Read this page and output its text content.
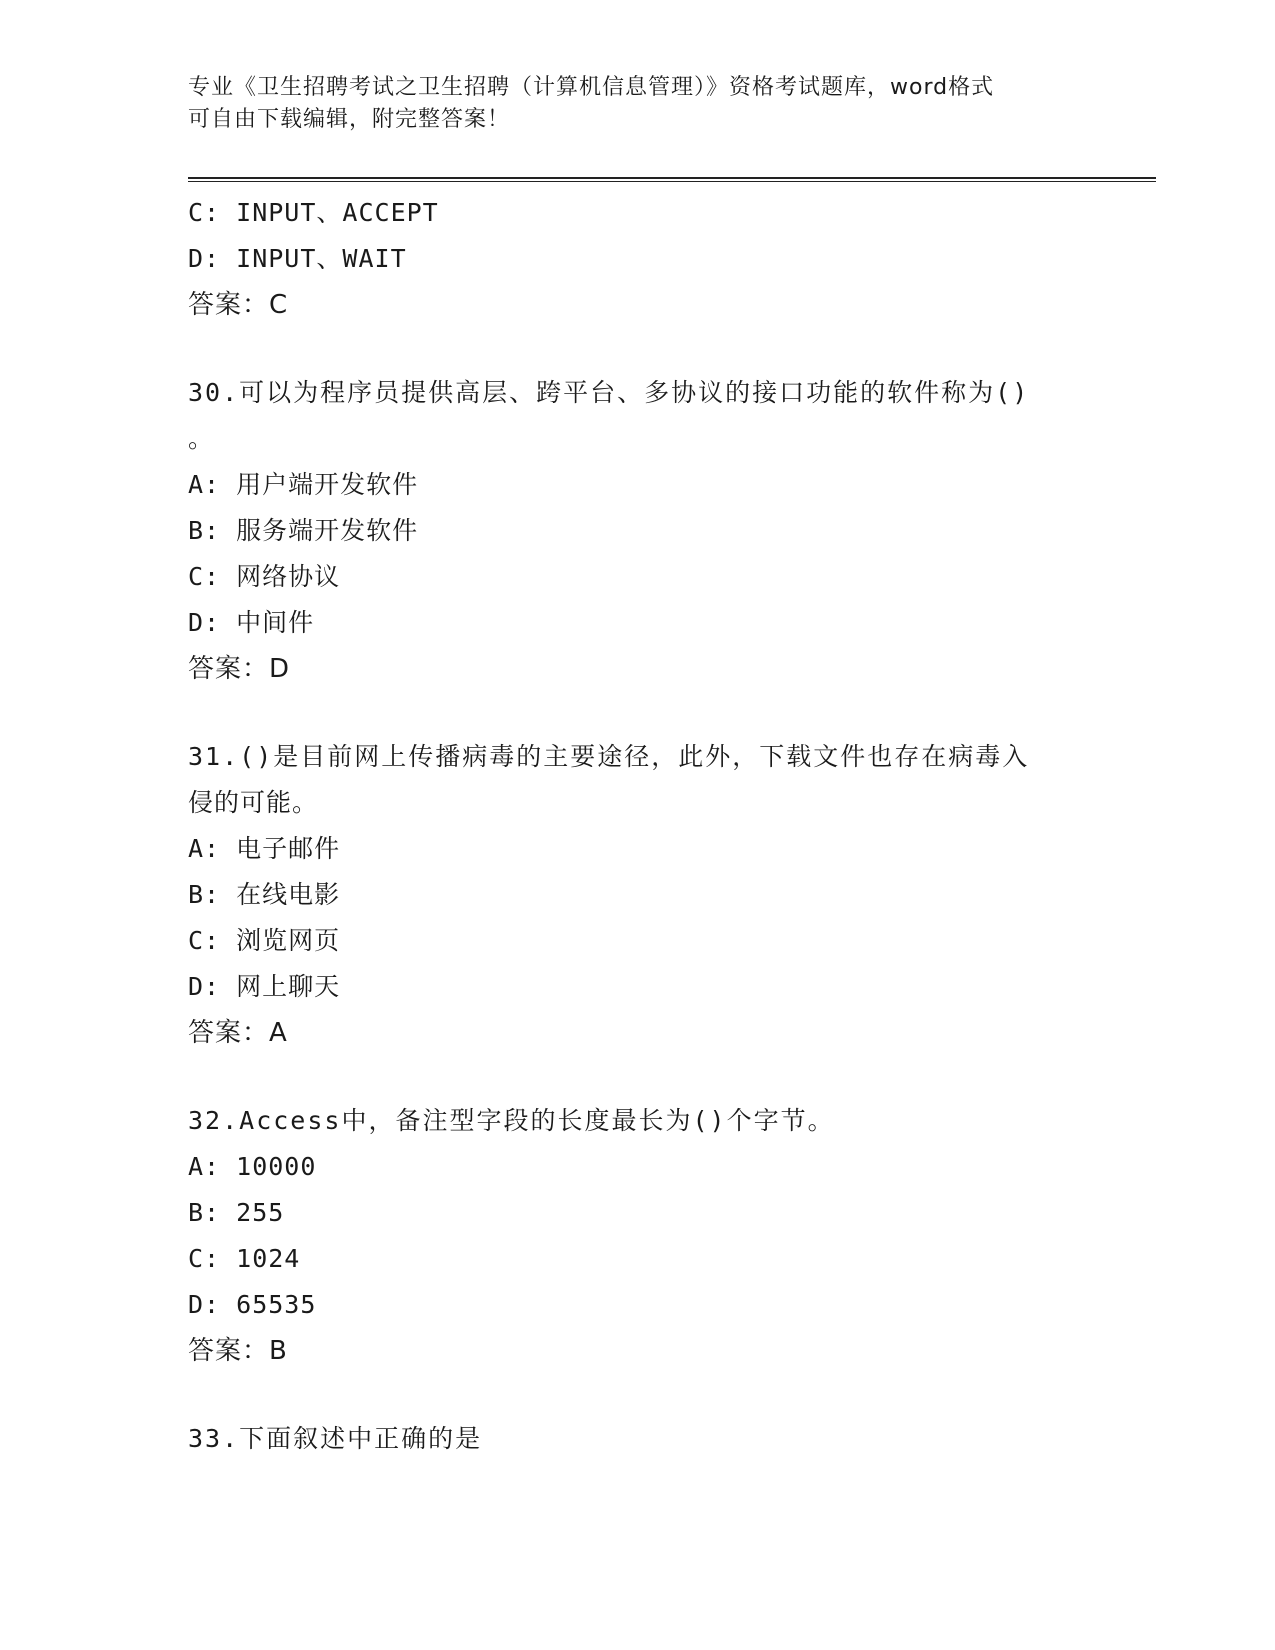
专业《卫生招聘考试之卫生招聘（计算机信息管理）》资格考试题库，word格式
可自由下载编辑，附完整答案！
C: INPUT、ACCEPT
D: INPUT、WAIT
答案：C
30.可以为程序员提供高层、跨平台、多协议的接口功能的软件称为()
。
A: 用户端开发软件
B: 服务端开发软件
C: 网络协议
D: 中间件
答案：D
31.()是目前网上传播病毒的主要途径，此外，下载文件也存在病毒入
侵的可能。
A: 电子邮件
B: 在线电影
C: 浏览网页
D: 网上聊天
答案：A
32.Access中，备注型字段的长度最长为()个字节。
A: 10000
B: 255
C: 1024
D: 65535
答案：B
33.下面叙述中正确的是
